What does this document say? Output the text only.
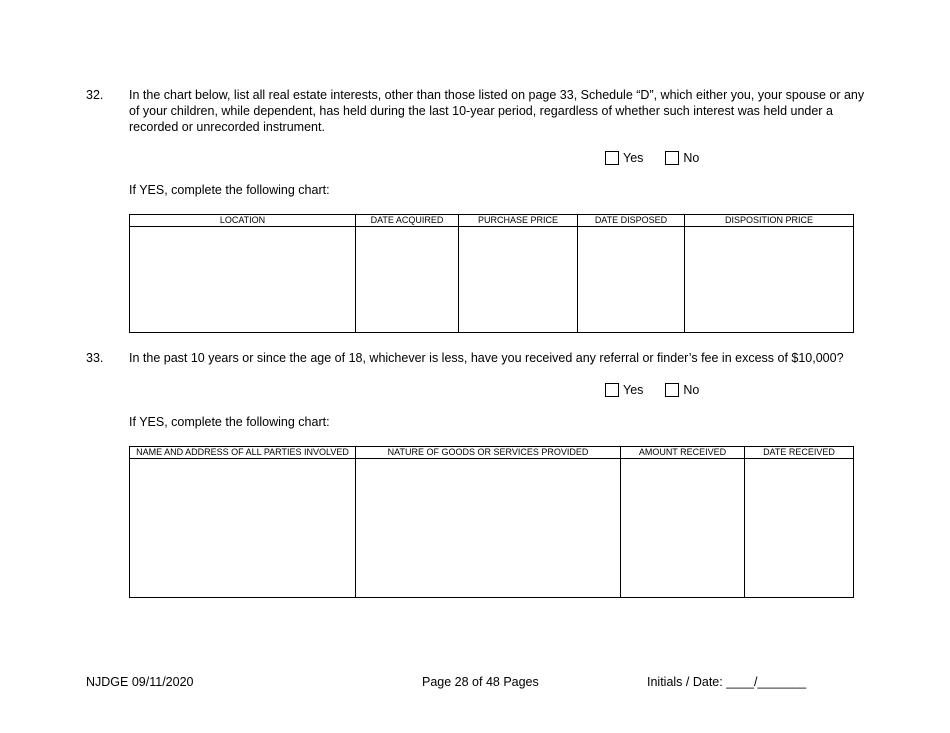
32. In the chart below, list all real estate interests, other than those listed on page 33, Schedule “D”, which either you, your spouse or any of your children, while dependent, has held during the last 10-year period, regardless of whether such interest was held under a recorded or unrecorded instrument.
Yes	No
If YES, complete the following chart:
LOCATION	DATE ACQUIRED	PURCHASE PRICE	DATE DISPOSED	DISPOSITION PRICE

33. In the past 10 years or since the age of 18, whichever is less, have you received any referral or finder’s fee in excess of $10,000?
Yes	No
If YES, complete the following chart:
NAME AND ADDRESS OF ALL PARTIES INVOLVED	NATURE OF GOODS OR SERVICES PROVIDED	AMOUNT RECEIVED	DATE RECEIVED

NJDGE 09/11/2020	Page 28 of 48 Pages	Initials / Date: ____/_______
